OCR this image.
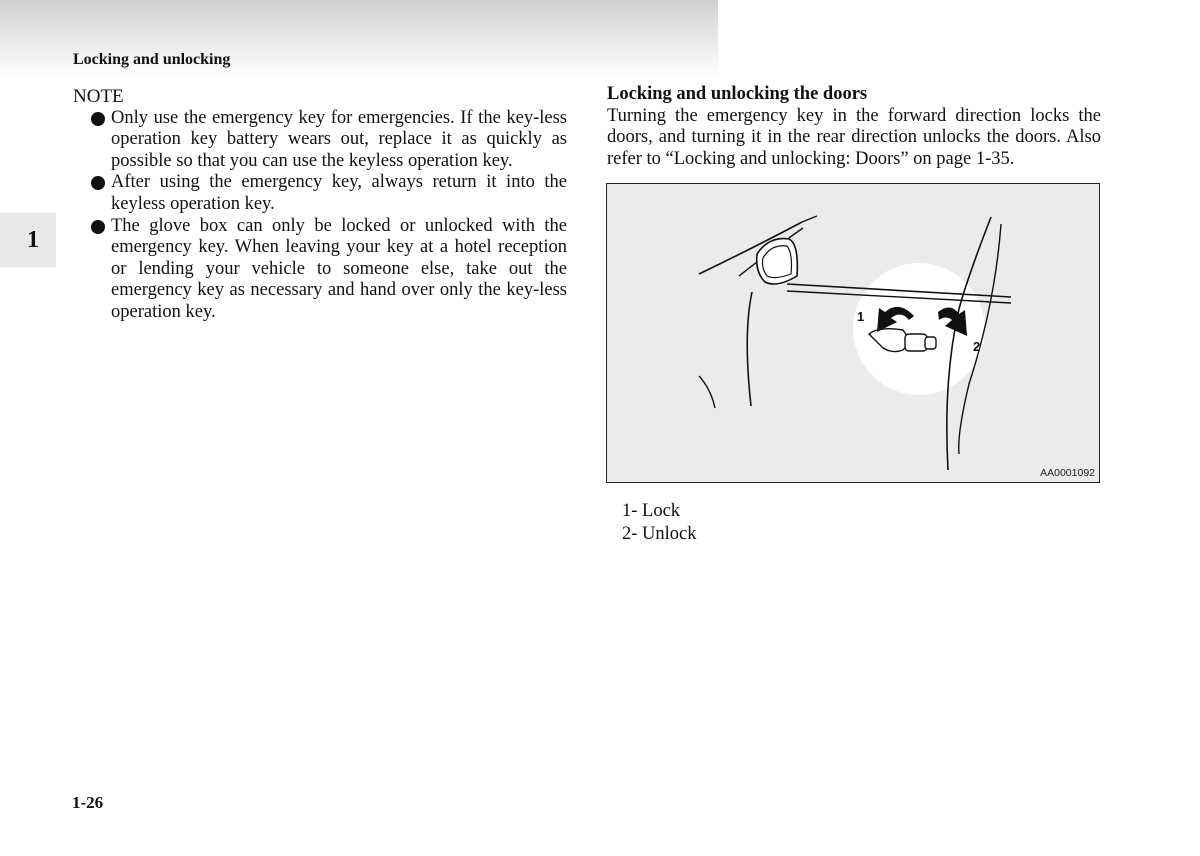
Locking and unlocking
1
NOTE
Only use the emergency key for emergencies. If the key-less operation key battery wears out, replace it as quickly as possible so that you can use the keyless operation key.
After using the emergency key, always return it into the keyless operation key.
The glove box can only be locked or unlocked with the emergency key. When leaving your key at a hotel reception or lending your vehicle to someone else, take out the emergency key as necessary and hand over only the key-less operation key.
Locking and unlocking the doors

Turning the emergency key in the forward direction locks the doors, and turning it in the rear direction unlocks the doors. Also refer to “Locking and unlocking: Doors” on page 1-35.

1
2
AA0001092
1- Lock
2- Unlock
1-26
